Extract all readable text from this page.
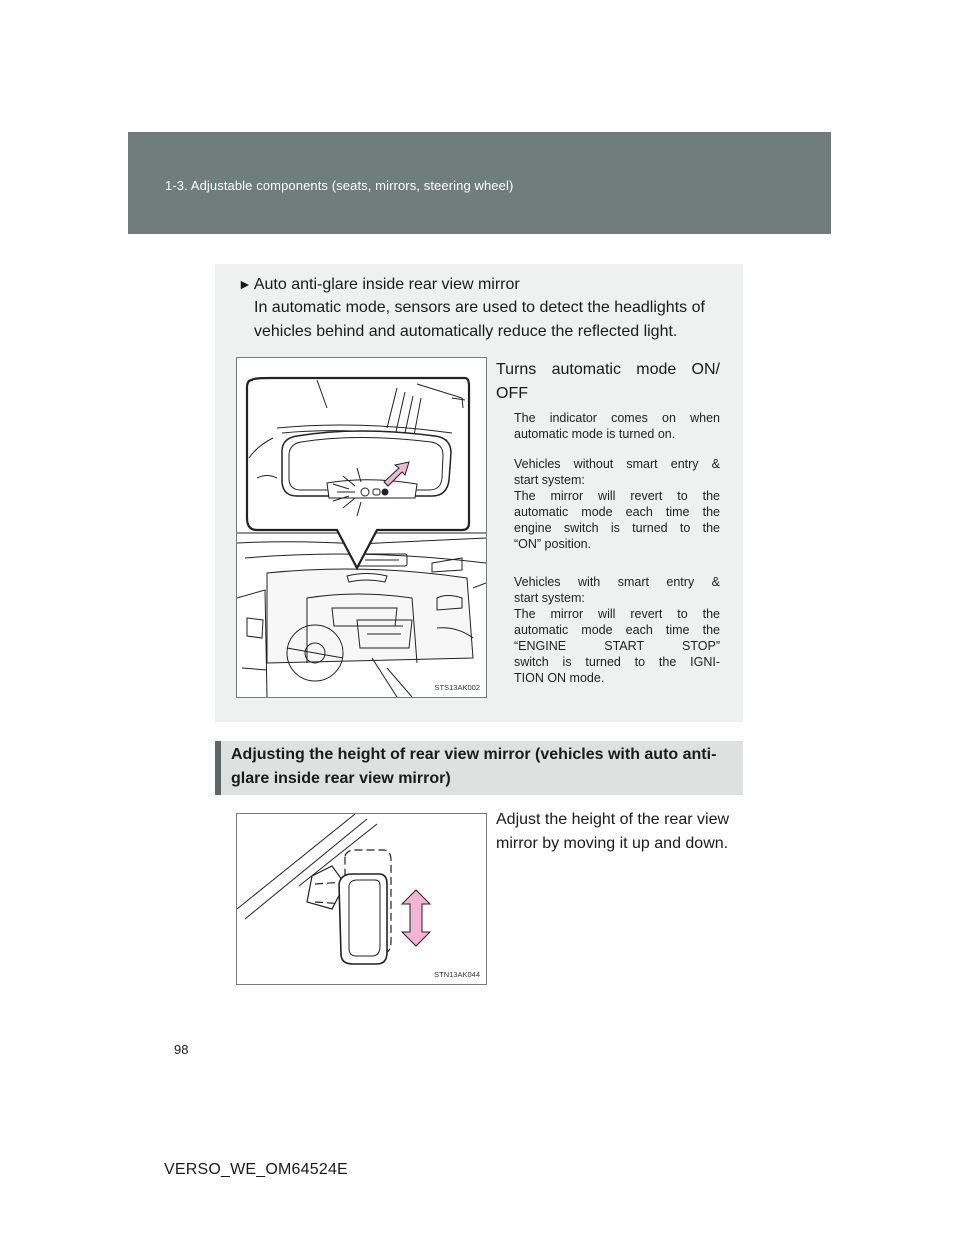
1-3. Adjustable components (seats, mirrors, steering wheel)
► Auto anti-glare inside rear view mirror
In automatic mode, sensors are used to detect the headlights of
vehicles behind and automatically reduce the reflected light.
STS13AK002
Turns automatic mode ON/ OFF
The indicator comes on when
automatic mode is turned on.
Vehicles without smart entry &
start system:
The mirror will revert to the
automatic mode each time the
engine switch is turned to the
“ON” position.
Vehicles with smart entry &
start system:
The mirror will revert to the
automatic mode each time the
“ENGINE START STOP”
switch is turned to the IGNI-
TION ON mode.
Adjusting the height of rear view mirror (vehicles with auto anti-
glare inside rear view mirror)
Adjust the height of the rear view
mirror by moving it up and down.
STN13AK044
98
VERSO_WE_OM64524E
